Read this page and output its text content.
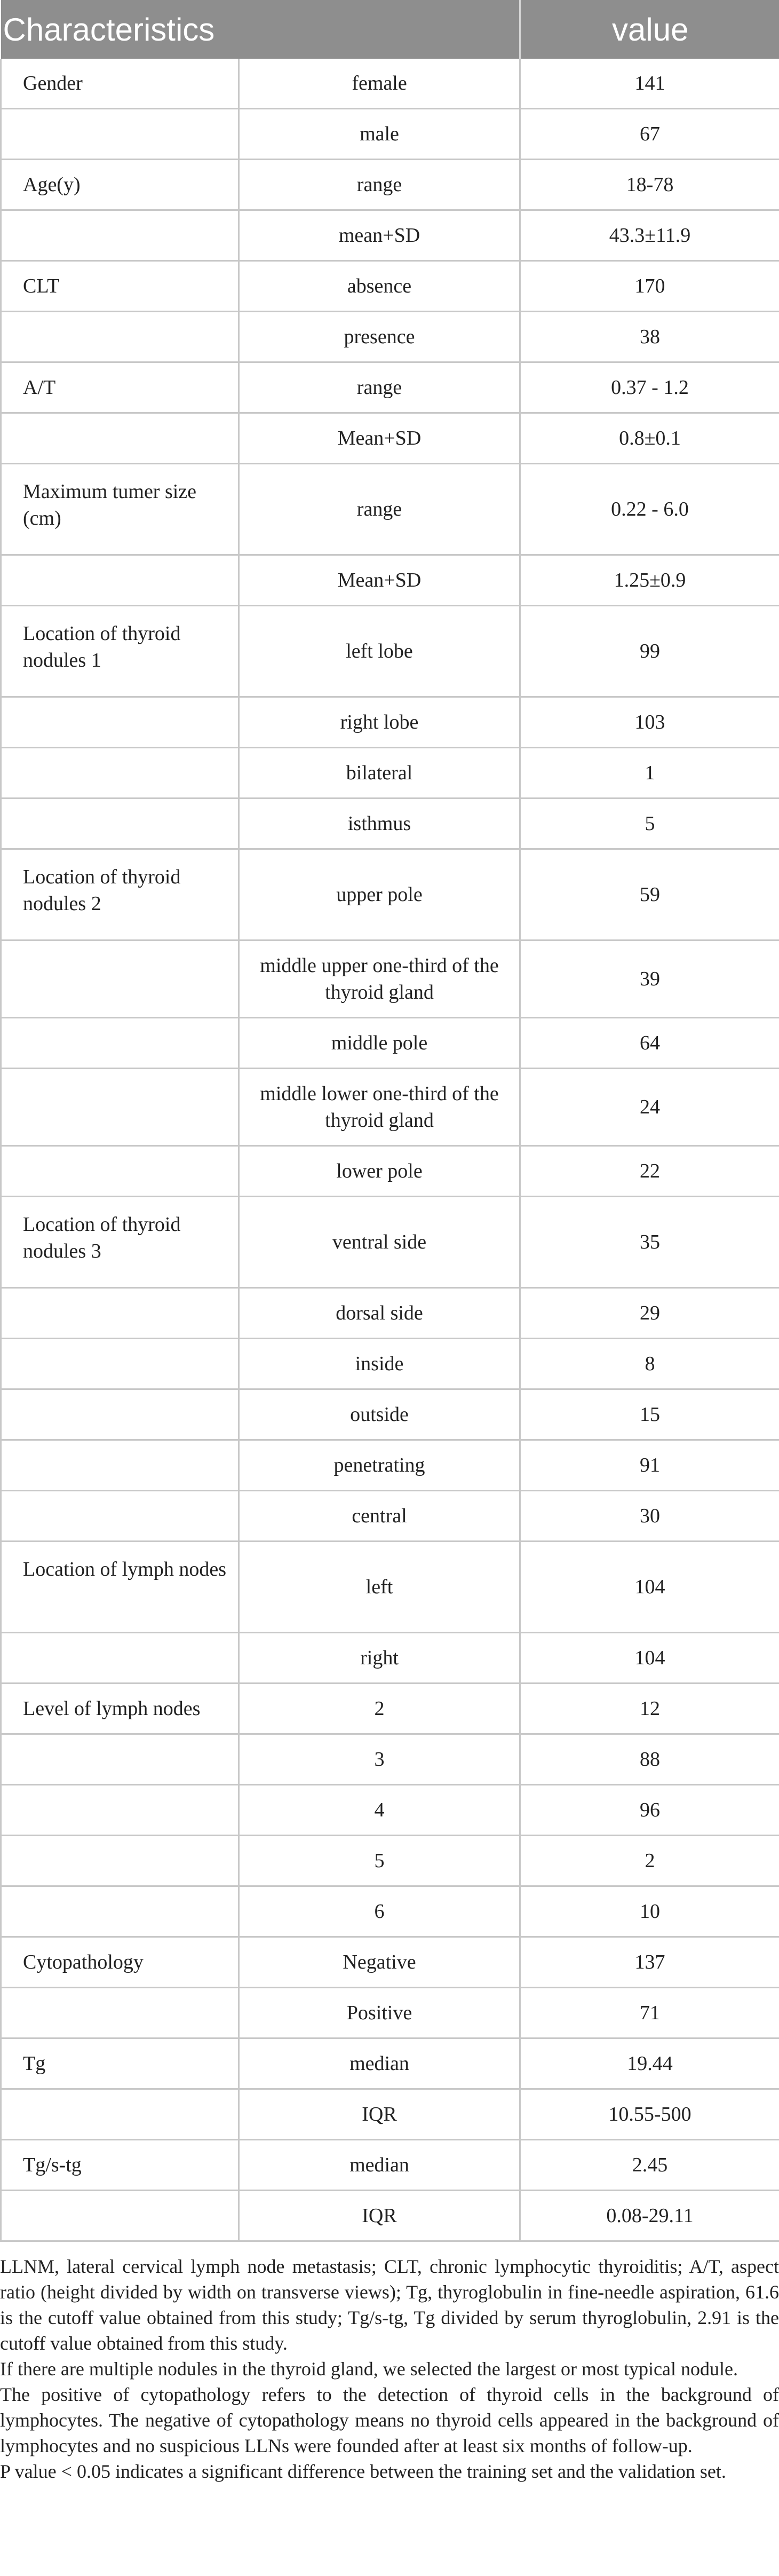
Characteristics		value
Gender	female	141
	male	67
Age(y)	range	18-78
	mean+SD	43.3±11.9
CLT	absence	170
	presence	38
A/T	range	0.37 - 1.2
	Mean+SD	0.8±0.1
Maximum tumer size (cm)	range	0.22 - 6.0
	Mean+SD	1.25±0.9
Location of thyroid nodules 1	left lobe	99
	right lobe	103
	bilateral	1
	isthmus	5
Location of thyroid nodules 2	upper pole	59
	middle upper one-third of the thyroid gland	39
	middle pole	64
	middle lower one-third of the thyroid gland	24
	lower pole	22
Location of thyroid nodules 3	ventral side	35
	dorsal side	29
	inside	8
	outside	15
	penetrating	91
	central	30
Location of lymph nodes	left	104
	right	104
Level of lymph nodes	2	12
	3	88
	4	96
	5	2
	6	10
Cytopathology	Negative	137
	Positive	71
Tg	median	19.44
	IQR	10.55-500
Tg/s-tg	median	2.45
	IQR	0.08-29.11

LLNM, lateral cervical lymph node metastasis; CLT, chronic lymphocytic thyroiditis; A/T, aspect ratio (height divided by width on transverse views); Tg, thyroglobulin in fine-needle aspiration, 61.6 is the cutoff value obtained from this study; Tg/s-tg, Tg divided by serum thyroglobulin, 2.91 is the cutoff value obtained from this study.

If there are multiple nodules in the thyroid gland, we selected the largest or most typical nodule.

The positive of cytopathology refers to the detection of thyroid cells in the background of lymphocytes. The negative of cytopathology means no thyroid cells appeared in the background of lymphocytes and no suspicious LLNs were founded after at least six months of follow-up.

P value < 0.05 indicates a significant difference between the training set and the validation set.
